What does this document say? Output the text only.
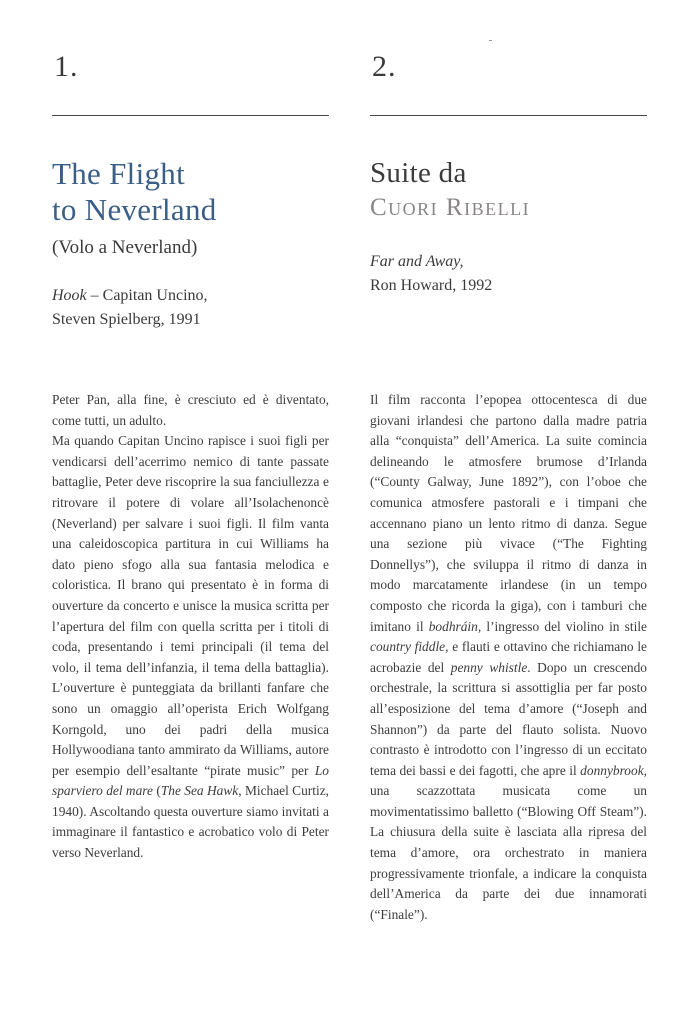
1.
The Flight
to Neverland
(Volo a Neverland)
Hook – Capitan Uncino,
Steven Spielberg, 1991

Peter Pan, alla fine, è cresciuto ed è diventato, come tutti, un adulto.

Ma quando Capitan Uncino rapisce i suoi figli per vendicarsi dell’acerrimo nemico di tante passate battaglie, Peter deve riscoprire la sua fanciullezza e ritrovare il potere di volare all’Isolachenoncè (Neverland) per salvare i suoi figli. Il film vanta una caleidoscopica partitura in cui Williams ha dato pieno sfogo alla sua fantasia melodica e coloristica. Il brano qui presentato è in forma di ouverture da concerto e unisce la musica scritta per l’apertura del film con quella scritta per i titoli di coda, presentando i temi principali (il tema del volo, il tema dell’infanzia, il tema della battaglia). L’ouverture è punteggiata da brillanti fanfare che sono un omaggio all’operista Erich Wolfgang Korngold, uno dei padri della musica Hollywoodiana tanto ammirato da Williams, autore per esempio dell’esaltante “pirate music” per Lo sparviero del mare (The Sea Hawk, Michael Curtiz, 1940). Ascoltando questa ouverture siamo invitati a immaginare il fantastico e acrobatico volo di Peter verso Neverland.

2.
Suite da
Cuori Ribelli
Far and Away,
Ron Howard, 1992

Il film racconta l’epopea ottocentesca di due giovani irlandesi che partono dalla madre patria alla “conquista” dell’America. La suite comincia delineando le atmosfere brumose d’Irlanda (“County Galway, June 1892”), con l’oboe che comunica atmosfere pastorali e i timpani che accennano piano un lento ritmo di danza. Segue una sezione più vivace (“The Fighting Donnellys”), che sviluppa il ritmo di danza in modo marcatamente irlandese (in un tempo composto che ricorda la giga), con i tamburi che imitano il bodhráin, l’ingresso del violino in stile country fiddle, e flauti e ottavino che richiamano le acrobazie del penny whistle. Dopo un crescendo orchestrale, la scrittura si assottiglia per far posto all’esposizione del tema d’amore (“Joseph and Shannon”) da parte del flauto solista. Nuovo contrasto è introdotto con l’ingresso di un eccitato tema dei bassi e dei fagotti, che apre il donnybrook, una scazzottata musicata come un movimentatissimo balletto (“Blowing Off Steam”). La chiusura della suite è lasciata alla ripresa del tema d’amore, ora orchestrato in maniera progressivamente trionfale, a indicare la conquista dell’America da parte dei due innamorati (“Finale”).
